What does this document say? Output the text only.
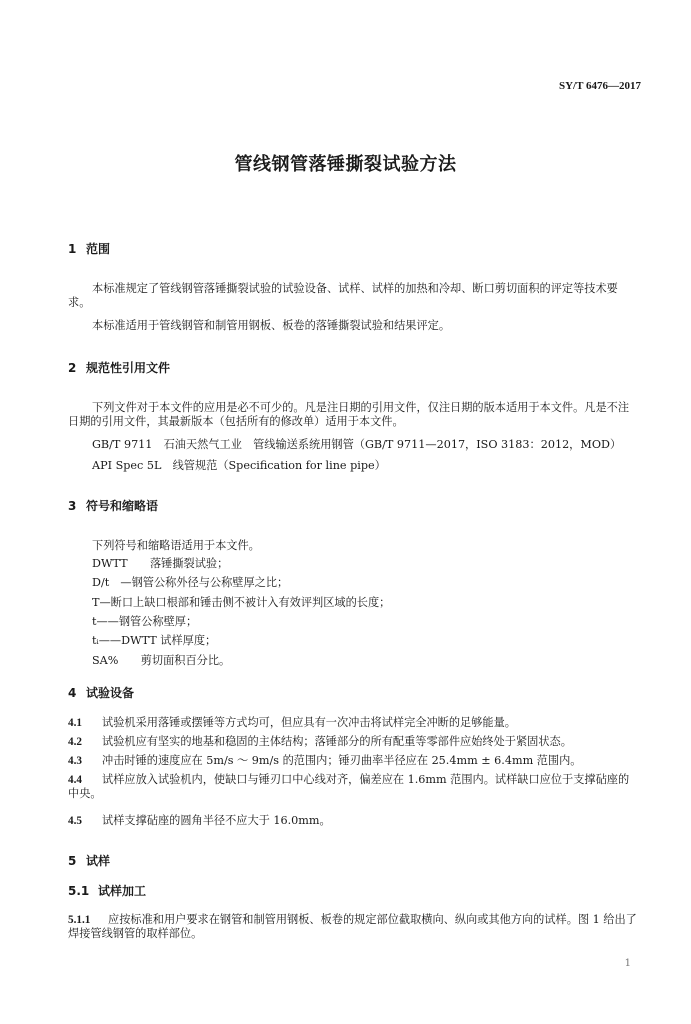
SY/T 6476—2017
管线钢管落锤撕裂试验方法
1 范围
本标准规定了管线钢管落锤撕裂试验的试验设备、试样、试样的加热和冷却、断口剪切面积的评定等技术要求。
本标准适用于管线钢管和制管用钢板、板卷的落锤撕裂试验和结果评定。
2 规范性引用文件
下列文件对于本文件的应用是必不可少的。凡是注日期的引用文件，仅注日期的版本适用于本文件。凡是不注日期的引用文件，其最新版本（包括所有的修改单）适用于本文件。
GB/T 9711　石油天然气工业　管线输送系统用钢管（GB/T 9711—2017，ISO 3183：2012，MOD）
API Spec 5L　线管规范（Specification for line pipe）
3 符号和缩略语
下列符号和缩略语适用于本文件。
DWTT　　落锤撕裂试验；
D/t　—钢管公称外径与公称壁厚之比；
T—断口上缺口根部和锤击侧不被计入有效评判区域的长度；
t——钢管公称壁厚；
tᵢ——DWTT 试样厚度；
SA%　　剪切面积百分比。
4 试验设备
4.1 试验机采用落锤或摆锤等方式均可，但应具有一次冲击将试样完全冲断的足够能量。
4.2 试验机应有坚实的地基和稳固的主体结构；落锤部分的所有配重等零部件应始终处于紧固状态。
4.3 冲击时锤的速度应在 5m/s ～ 9m/s 的范围内；锤刃曲率半径应在 25.4mm ± 6.4mm 范围内。
4.4 试样应放入试验机内，使缺口与锤刃口中心线对齐，偏差应在 1.6mm 范围内。试样缺口应位于支撑砧座的中央。
4.5 试样支撑砧座的圆角半径不应大于 16.0mm。
5 试样
5.1 试样加工
5.1.1 应按标准和用户要求在钢管和制管用钢板、板卷的规定部位截取横向、纵向或其他方向的试样。图 1 给出了焊接管线钢管的取样部位。
1
